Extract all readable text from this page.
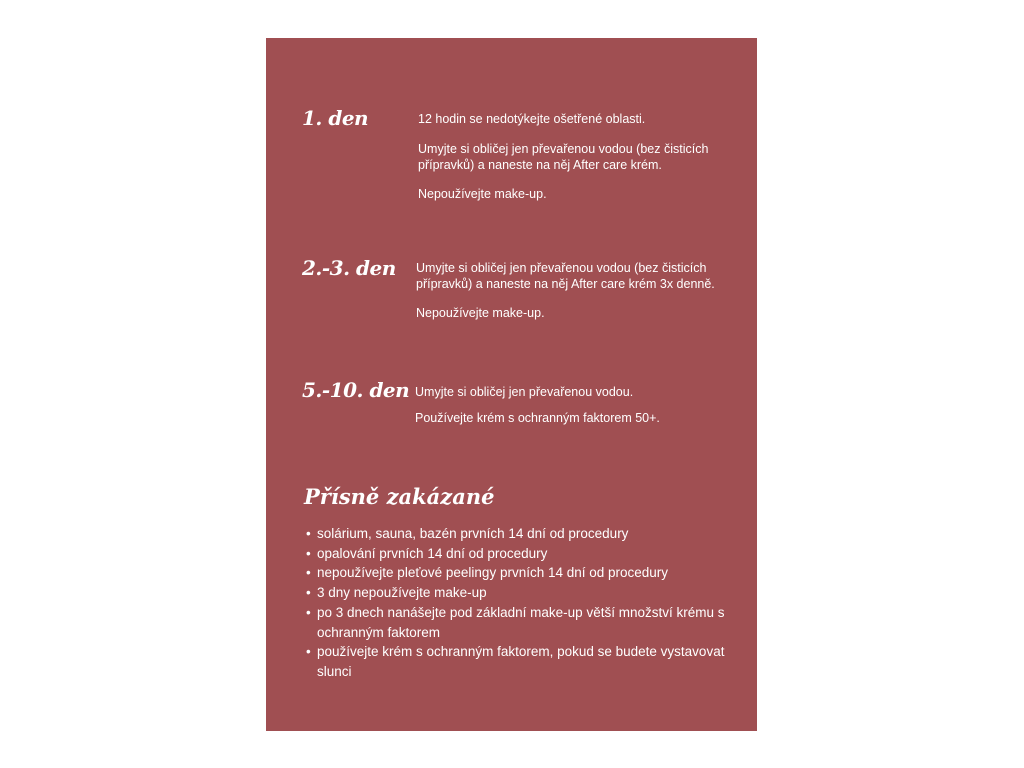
1. den	12 hodin se nedotýkejte ošetřené oblasti.

Umyjte si obličej jen převařenou vodou (bez čisticích přípravků) a naneste na něj After care krém.

Nepoužívejte make-up.

2.-3. den Umyjte si obličej jen převařenou vodou (bez čisticích přípravků) a naneste na něj After care krém 3x denně.

Nepoužívejte make-up.

5.-10. den Umyjte si obličej jen převařenou vodou.

Používejte krém s ochranným faktorem 50+.

Přísně zakázané
• solárium, sauna, bazén prvních 14 dní od procedury
• opalování prvních 14 dní od procedury
• nepoužívejte pleťové peelingy prvních 14 dní od procedury
• 3 dny nepoužívejte make-up
• po 3 dnech nanášejte pod základní make-up větší množství krému s ochranným faktorem
• používejte krém s ochranným faktorem, pokud se budete vystavovat slunci
